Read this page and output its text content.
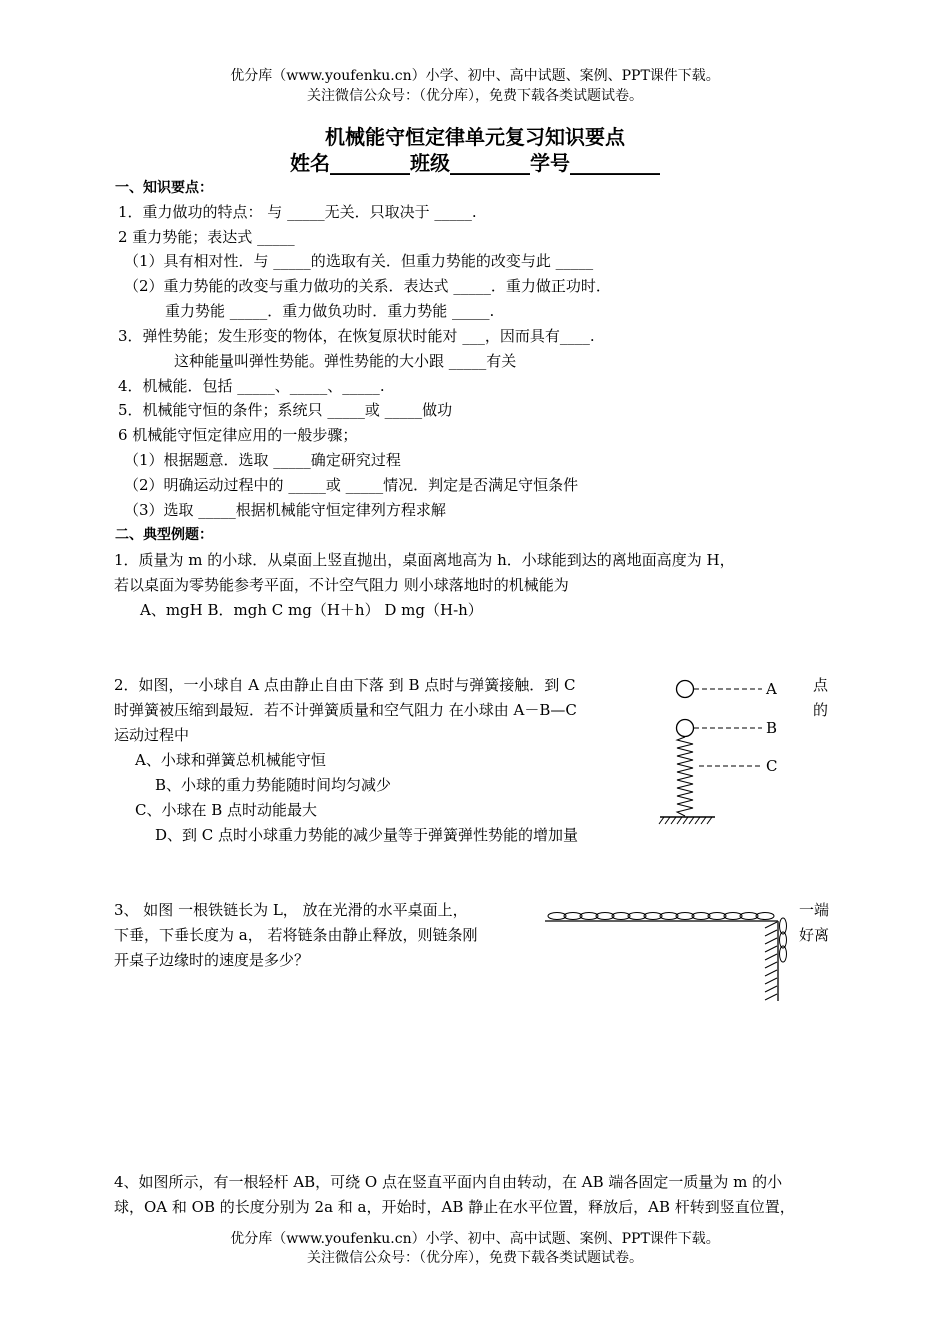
优分库（www.youfenku.cn）小学、初中、高中试题、案例、PPT课件下载。
关注微信公众号：（优分库），免费下载各类试题试卷。
机械能守恒定律单元复习知识要点
姓名________班级________学号_________
一、知识要点：
1．重力做功的特点： 与 _____无关．只取决于 _____.
2 重力势能；表达式 _____
（1）具有相对性．与 _____的选取有关．但重力势能的改变与此 _____
（2）重力势能的改变与重力做功的关系．表达式 _____．重力做正功时．
重力势能 _____．重力做负功时．重力势能 _____.
3．弹性势能；发生形变的物体，在恢复原状时能对 ___，因而具有____.
这种能量叫弹性势能。弹性势能的大小跟 _____有关
4．机械能．包括 _____、_____、_____.
5．机械能守恒的条件；系统只 _____或 _____做功
6 机械能守恒定律应用的一般步骤；
（1）根据题意．选取 _____确定研究过程
（2）明确运动过程中的 _____或 _____情况．判定是否满足守恒条件
（3）选取 _____根据机械能守恒定律列方程求解
二、典型例题：
1．质量为 m 的小球．从桌面上竖直抛出，桌面离地高为 h．小球能到达的离地面高度为 H，
若以桌面为零势能参考平面，不计空气阻力 则小球落地时的机械能为
A、mgH B．mgh C mg（H＋h） D mg（H-h）
2．如图，一小球自 A 点由静止自由下落 到 B 点时与弹簧接触．到 C
时弹簧被压缩到最短．若不计弹簧质量和空气阻力 在小球由 A－B—C
运动过程中
点
的
A、小球和弹簧总机械能守恒
B、小球的重力势能随时间均匀减少
C、小球在 B 点时动能最大
D、到 C 点时小球重力势能的减少量等于弹簧弹性势能的增加量
A
B
C
3、 如图 一根铁链长为 L， 放在光滑的水平桌面上，
下垂，下垂长度为 a， 若将链条由静止释放，则链条刚
开桌子边缘时的速度是多少？
一端
好离
4、如图所示，有一根轻杆 AB，可绕 O 点在竖直平面内自由转动，在 AB 端各固定一质量为 m 的小
球，OA 和 OB 的长度分别为 2a 和 a，开始时，AB 静止在水平位置，释放后，AB 杆转到竖直位置，
优分库（www.youfenku.cn）小学、初中、高中试题、案例、PPT课件下载。
关注微信公众号：（优分库），免费下载各类试题试卷。
